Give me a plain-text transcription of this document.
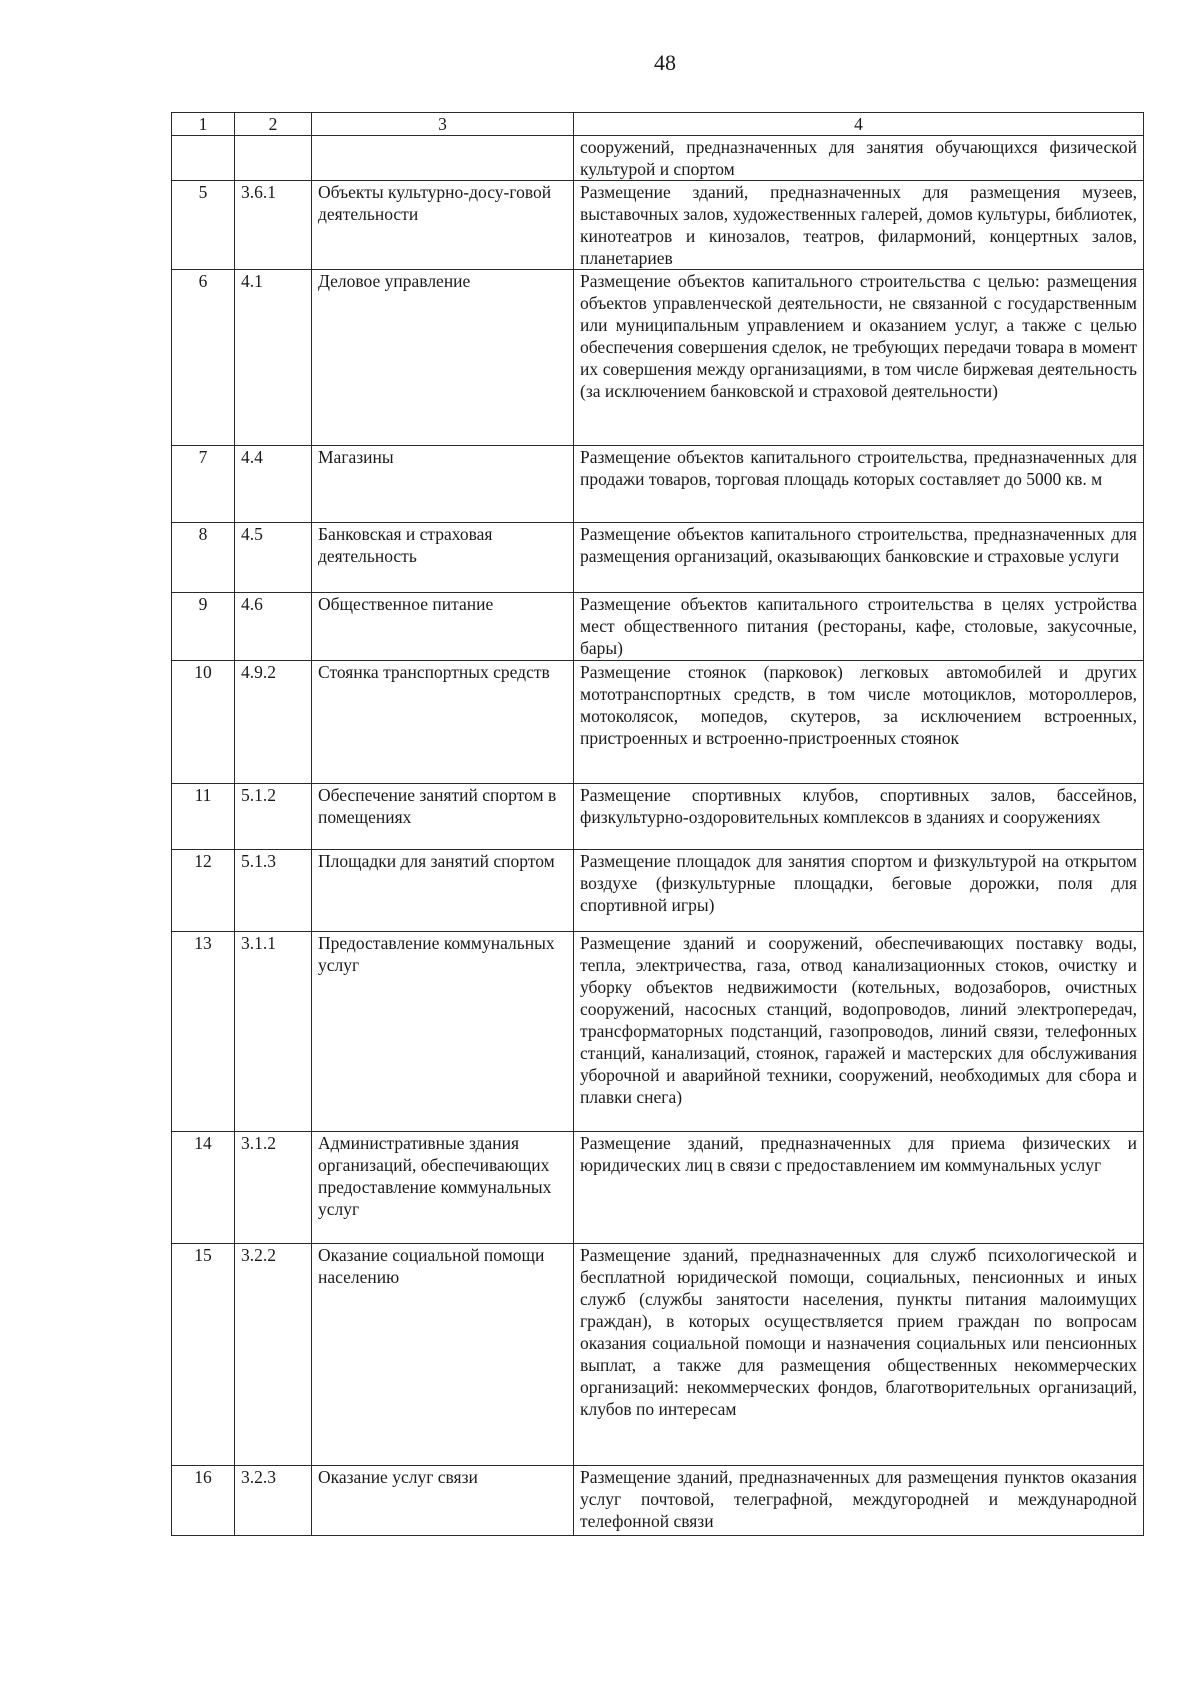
48
1	2	3	4
			сооружений, предназначенных для занятия обучающихся физической культурой и спортом
5	3.6.1	Объекты культурно-досу-говой деятельности	Размещение зданий, предназначенных для размещения музеев, выставочных залов, художественных галерей, домов культуры, библиотек, кинотеатров и кинозалов, театров, филармоний, концертных залов, планетариев
6	4.1	Деловое управление	Размещение объектов капитального строительства с целью: размещения объектов управленческой деятельности, не связанной с государственным или муниципальным управлением и оказанием услуг, а также с целью обеспечения совершения сделок, не требующих передачи товара в момент их совершения между организациями, в том числе биржевая деятельность (за исключением банковской и страховой деятельности)
7	4.4	Магазины	Размещение объектов капитального строительства, предназначенных для продажи товаров, торговая площадь которых составляет до 5000 кв. м
8	4.5	Банковская и страховая деятельность	Размещение объектов капитального строительства, предназначенных для размещения организаций, оказывающих банковские и страховые услуги
9	4.6	Общественное питание	Размещение объектов капитального строительства в целях устройства мест общественного питания (рестораны, кафе, столовые, закусочные, бары)
10	4.9.2	Стоянка транспортных средств	Размещение стоянок (парковок) легковых автомобилей и других мототранспортных средств, в том числе мотоциклов, мотороллеров, мотоколясок, мопедов, скутеров, за исключением встроенных, пристроенных и встроенно-пристроенных стоянок
11	5.1.2	Обеспечение занятий спортом в помещениях	Размещение спортивных клубов, спортивных залов, бассейнов, физкультурно-оздоровительных комплексов в зданиях и сооружениях
12	5.1.3	Площадки для занятий спортом	Размещение площадок для занятия спортом и физкультурой на открытом воздухе (физкультурные площадки, беговые дорожки, поля для спортивной игры)
13	3.1.1	Предоставление коммунальных услуг	Размещение зданий и сооружений, обеспечивающих поставку воды, тепла, электричества, газа, отвод канализационных стоков, очистку и уборку объектов недвижимости (котельных, водозаборов, очистных сооружений, насосных станций, водопроводов, линий электропередач, трансформаторных подстанций, газопроводов, линий связи, телефонных станций, канализаций, стоянок, гаражей и мастерских для обслуживания уборочной и аварийной техники, сооружений, необходимых для сбора и плавки снега)
14	3.1.2	Административные здания организаций, обеспечивающих предоставление коммунальных услуг	Размещение зданий, предназначенных для приема физических и юридических лиц в связи с предоставлением им коммунальных услуг
15	3.2.2	Оказание социальной помощи населению	Размещение зданий, предназначенных для служб психологической и бесплатной юридической помощи, социальных, пенсионных и иных служб (службы занятости населения, пункты питания малоимущих граждан), в которых осуществляется прием граждан по вопросам оказания социальной помощи и назначения социальных или пенсионных выплат, а также для размещения общественных некоммерческих организаций: некоммерческих фондов, благотворительных организаций, клубов по интересам
16	3.2.3	Оказание услуг связи	Размещение зданий, предназначенных для размещения пунктов оказания услуг почтовой, телеграфной, междугородней и международной телефонной связи
